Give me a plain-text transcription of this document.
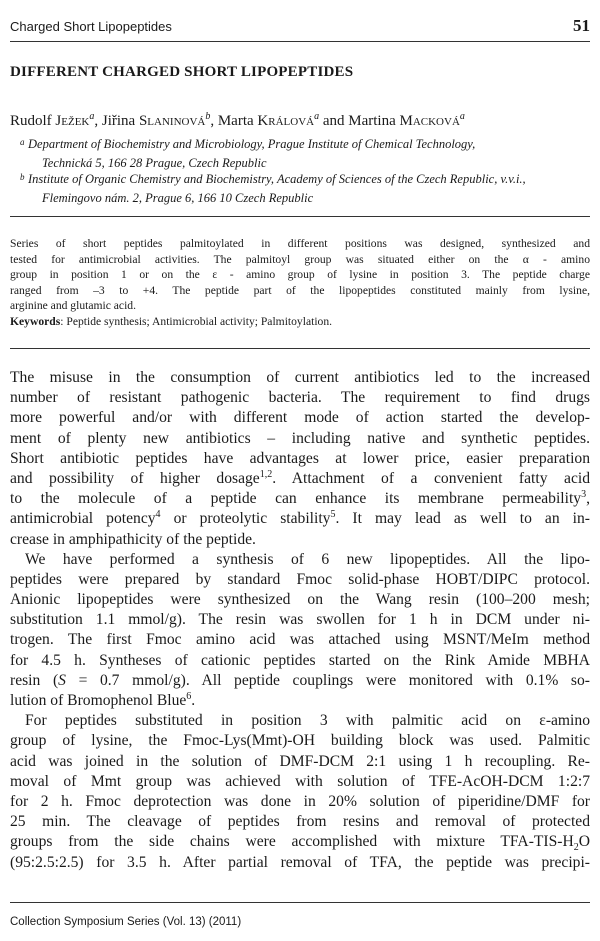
Charged Short Lipopeptides	51
DIFFERENT CHARGED SHORT LIPOPEPTIDES
Rudolf Ježek$^a$, Jiřina Slaninová$^b$, Marta Králová$^a$ and Martina Macková$^a$
a Department of Biochemistry and Microbiology, Prague Institute of Chemical Technology,
Technická 5, 166 28 Prague, Czech Republic
b Institute of Organic Chemistry and Biochemistry, Academy of Sciences of the Czech Republic, v.v.i.,
Flemingovo nám. 2, Prague 6, 166 10 Czech Republic
Series of short peptides palmitoylated in different positions was designed, synthesized and
tested for antimicrobial activities. The palmitoyl group was situated either on the α - amino
group in position 1 or on the ε - amino group of lysine in position 3. The peptide charge
ranged from –3 to +4. The peptide part of the lipopeptides constituted mainly from lysine,
arginine and glutamic acid.
Keywords: Peptide synthesis; Antimicrobial activity; Palmitoylation.
The misuse in the consumption of current antibiotics led to the increased
number of resistant pathogenic bacteria. The requirement to find drugs
more powerful and/or with different mode of action started the develop-
ment of plenty new antibiotics – including native and synthetic peptides.
Short antibiotic peptides have advantages at lower price, easier preparation
and possibility of higher dosage$^{1,2}$. Attachment of a convenient fatty acid
to the molecule of a peptide can enhance its membrane permeability$^3$,
antimicrobial potency$^4$ or proteolytic stability$^5$. It may lead as well to an in-
crease in amphipathicity of the peptide.
We have performed a synthesis of 6 new lipopeptides. All the lipo-
peptides were prepared by standard Fmoc solid-phase HOBT/DIPC protocol.
Anionic lipopeptides were synthesized on the Wang resin (100–200 mesh;
substitution 1.1 mmol/g). The resin was swollen for 1 h in DCM under ni-
trogen. The first Fmoc amino acid was attached using MSNT/MeIm method
for 4.5 h. Syntheses of cationic peptides started on the Rink Amide MBHA
resin (S = 0.7 mmol/g). All peptide couplings were monitored with 0.1% so-
lution of Bromophenol Blue$^6$.
For peptides substituted in position 3 with palmitic acid on ε-amino
group of lysine, the Fmoc-Lys(Mmt)-OH building block was used. Palmitic
acid was joined in the solution of DMF-DCM 2:1 using 1 h recoupling. Re-
moval of Mmt group was achieved with solution of TFE-AcOH-DCM 1:2:7
for 2 h. Fmoc deprotection was done in 20% solution of piperidine/DMF for
25 min. The cleavage of peptides from resins and removal of protected
groups from the side chains were accomplished with mixture TFA-$TIS-H_2O$
(95:2.5:2.5) for 3.5 h. After partial removal of TFA, the peptide was precipi-
Collection Symposium Series (Vol. 13) (2011)
